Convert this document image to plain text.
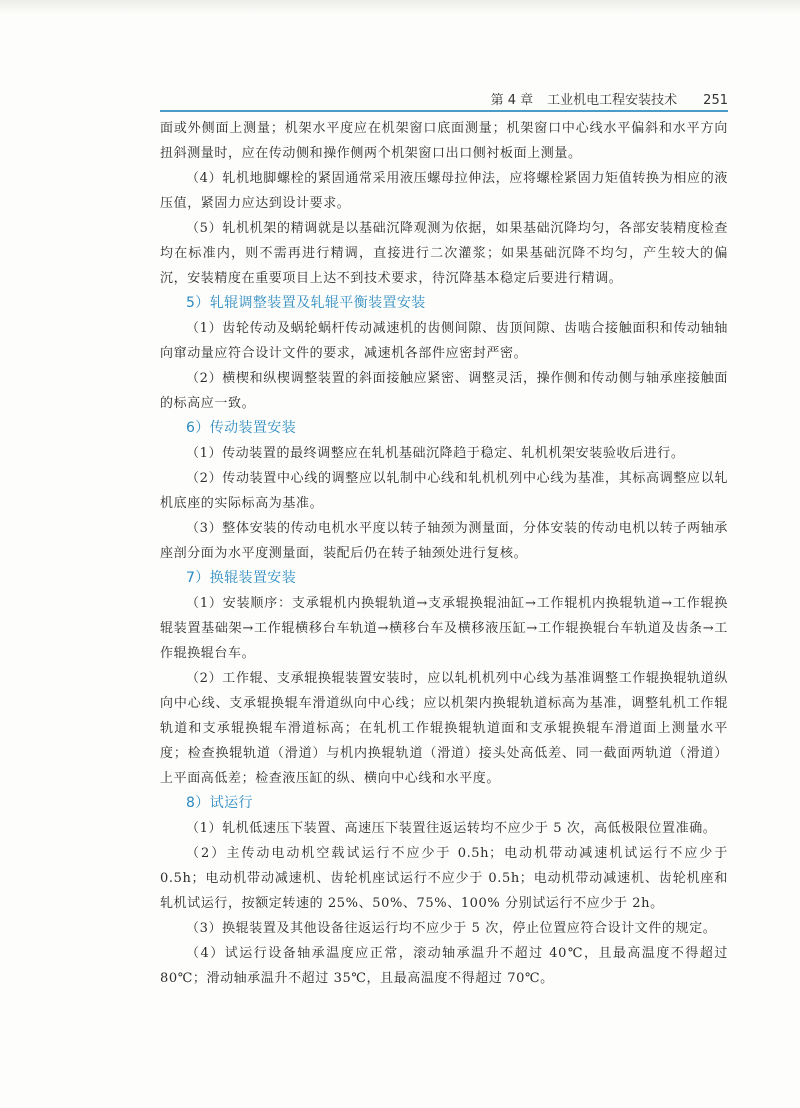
第 4 章 工业机电工程安装技术 251

面或外侧面上测量；机架水平度应在机架窗口底面测量；机架窗口中心线水平偏斜和水平方向扭斜测量时，应在传动侧和操作侧两个机架窗口出口侧衬板面上测量。

（4）轧机地脚螺栓的紧固通常采用液压螺母拉伸法，应将螺栓紧固力矩值转换为相应的液压值，紧固力应达到设计要求。

（5）轧机机架的精调就是以基础沉降观测为依据，如果基础沉降均匀，各部安装精度检查均在标准内，则不需再进行精调，直接进行二次灌浆；如果基础沉降不均匀，产生较大的偏沉，安装精度在重要项目上达不到技术要求，待沉降基本稳定后要进行精调。

5）轧辊调整装置及轧辊平衡装置安装

（1）齿轮传动及蜗轮蜗杆传动减速机的齿侧间隙、齿顶间隙、齿啮合接触面积和传动轴轴向窜动量应符合设计文件的要求，减速机各部件应密封严密。

（2）横楔和纵楔调整装置的斜面接触应紧密、调整灵活，操作侧和传动侧与轴承座接触面的标高应一致。

6）传动装置安装

（1）传动装置的最终调整应在轧机基础沉降趋于稳定、轧机机架安装验收后进行。

（2）传动装置中心线的调整应以轧制中心线和轧机机列中心线为基准，其标高调整应以轧机底座的实际标高为基准。

（3）整体安装的传动电机水平度以转子轴颈为测量面，分体安装的传动电机以转子两轴承座剖分面为水平度测量面，装配后仍在转子轴颈处进行复核。

7）换辊装置安装

（1）安装顺序：支承辊机内换辊轨道→支承辊换辊油缸→工作辊机内换辊轨道→工作辊换辊装置基础架→工作辊横移台车轨道→横移台车及横移液压缸→工作辊换辊台车轨道及齿条→工作辊换辊台车。

（2）工作辊、支承辊换辊装置安装时，应以轧机机列中心线为基准调整工作辊换辊轨道纵向中心线、支承辊换辊车滑道纵向中心线；应以机架内换辊轨道标高为基准，调整轧机工作辊轨道和支承辊换辊车滑道标高；在轧机工作辊换辊轨道面和支承辊换辊车滑道面上测量水平度；检查换辊轨道（滑道）与机内换辊轨道（滑道）接头处高低差、同一截面两轨道（滑道）上平面高低差；检查液压缸的纵、横向中心线和水平度。

8）试运行

（1）轧机低速压下装置、高速压下装置往返运转均不应少于 5 次，高低极限位置准确。

（2）主传动电动机空载试运行不应少于 0.5h；电动机带动减速机试运行不应少于 0.5h；电动机带动减速机、齿轮机座试运行不应少于 0.5h；电动机带动减速机、齿轮机座和轧机试运行，按额定转速的 25%、50%、75%、100% 分别试运行不应少于 2h。

（3）换辊装置及其他设备往返运行均不应少于 5 次，停止位置应符合设计文件的规定。

（4）试运行设备轴承温度应正常，滚动轴承温升不超过 40℃，且最高温度不得超过 80℃；滑动轴承温升不超过 35℃，且最高温度不得超过 70℃。
